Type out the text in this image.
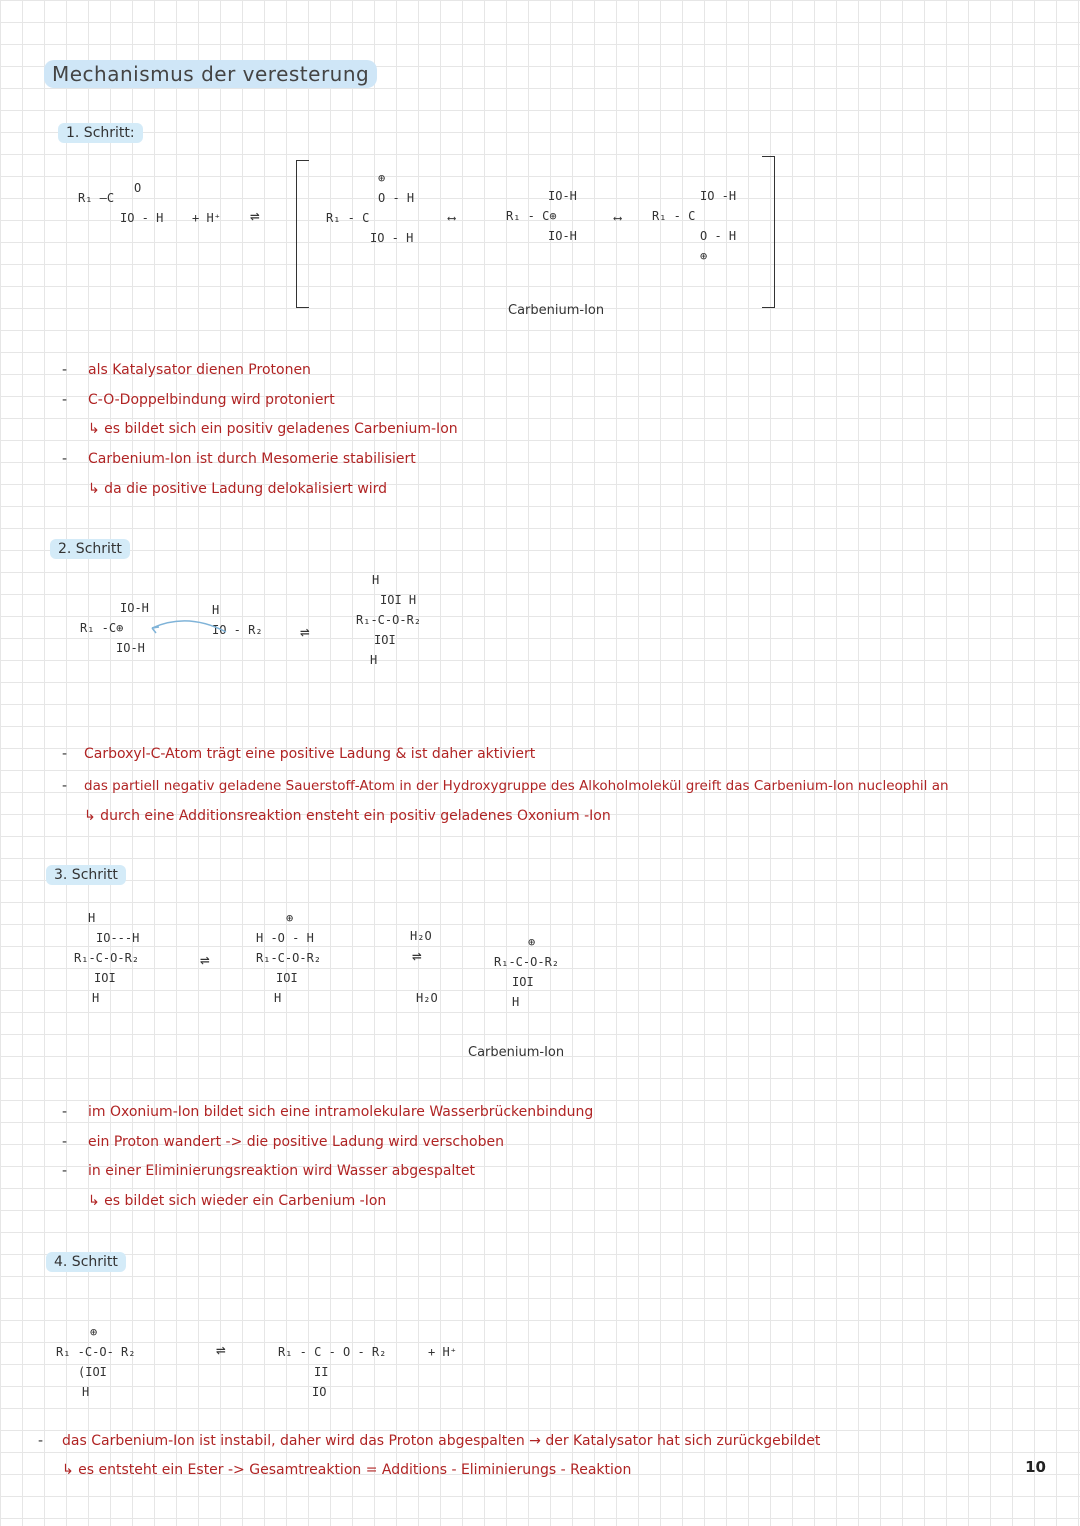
Mechanismus der veresterung
1. Schritt:
O
R₁ –C
IO - H + H⁺ ⇌
⊕
O - H
R₁ - C
IO - H
⟷
IO-H
R₁ - C⊕
IO-H
⟷
IO -H
R₁ - C
O - H
⊕
Carbenium-Ion
- als Katalysator dienen Protonen
- C-O-Doppelbindung wird protoniert
↳ es bildet sich ein positiv geladenes Carbenium-Ion
- Carbenium-Ion ist durch Mesomerie stabilisiert
↳ da die positive Ladung delokalisiert wird
2. Schritt
IO-H
R₁ -C⊕
IO-H
H
IO - R₂ ⇌
H
IOI H
R₁-C-O-R₂
IOI
H
- Carboxyl-C-Atom trägt eine positive Ladung & ist daher aktiviert
- das partiell negativ geladene Sauerstoff-Atom in der Hydroxygruppe des Alkoholmolekül greift das Carbenium-Ion nucleophil an
↳ durch eine Additionsreaktion ensteht ein positiv geladenes Oxonium -Ion
3. Schritt
H
IO---H
R₁-C-O-R₂
IOI
H
⇌
⊕
H -O - H
R₁-C-O-R₂
IOI
H
H₂O
⇌
H₂O
⊕
R₁-C-O-R₂
IOI
H
Carbenium-Ion
- im Oxonium-Ion bildet sich eine intramolekulare Wasserbrückenbindung
- ein Proton wandert -> die positive Ladung wird verschoben
- in einer Eliminierungsreaktion wird Wasser abgespaltet
↳ es bildet sich wieder ein Carbenium -Ion
4. Schritt
⊕
R₁ -C-O- R₂
(IOI
H
⇌	R₁ - C - O - R₂
II
IO
+ H⁺
- das Carbenium-Ion ist instabil, daher wird das Proton abgespalten → der Katalysator hat sich zurückgebildet
↳ es entsteht ein Ester -> Gesamtreaktion = Additions - Eliminierungs - Reaktion	10
